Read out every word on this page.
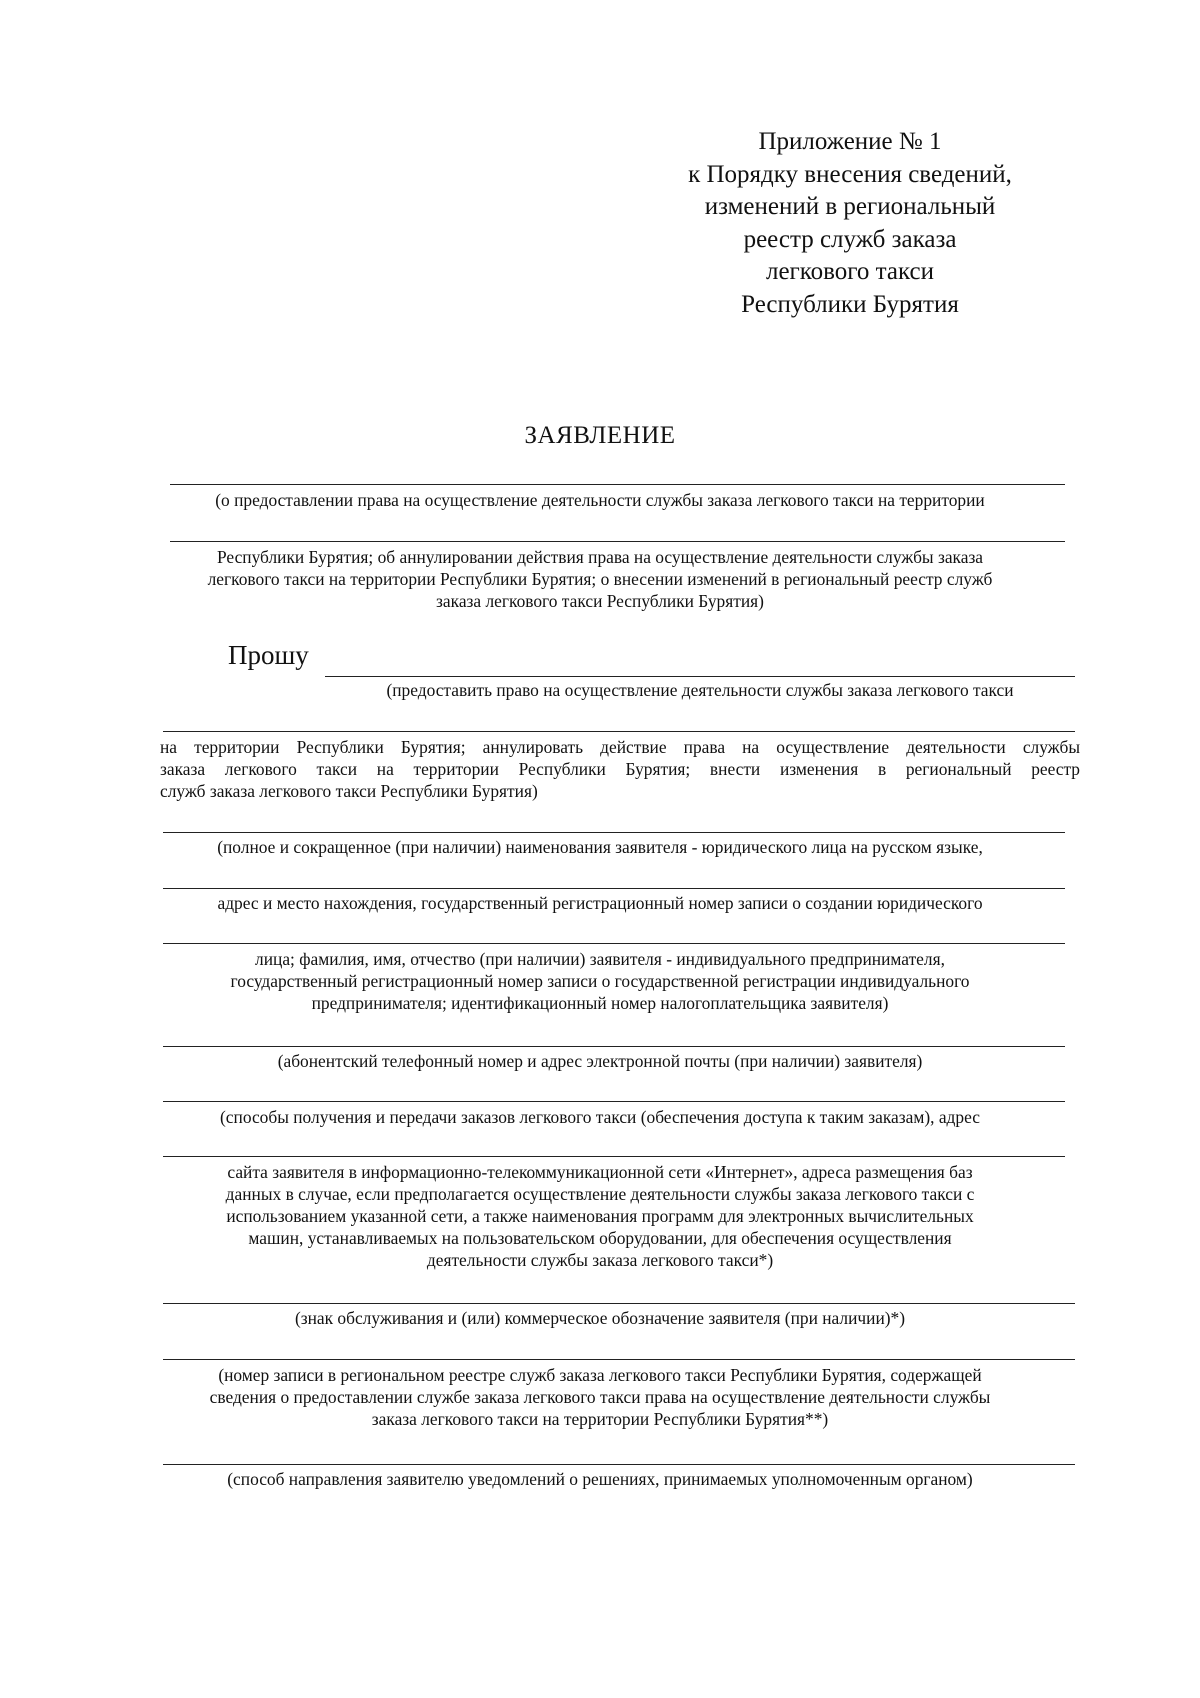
Приложение № 1
к Порядку внесения сведений,
изменений в региональный
реестр служб заказа
легкового такси
Республики Бурятия
ЗАЯВЛЕНИЕ
(о предоставлении права на осуществление деятельности службы заказа легкового такси на территории
Республики Бурятия; об аннулировании действия права на осуществление деятельности службы заказа
легкового такси на территории Республики Бурятия; о внесении изменений в региональный реестр служб
заказа легкового такси Республики Бурятия)
Прошу
(предоставить право на осуществление деятельности службы заказа легкового такси
на территории Республики Бурятия; аннулировать действие права на осуществление деятельности службы
заказа легкового такси на территории Республики Бурятия; внести изменения в региональный реестр
служб заказа легкового такси Республики Бурятия)
(полное и сокращенное (при наличии) наименования заявителя - юридического лица на русском языке,
адрес и место нахождения, государственный регистрационный номер записи о создании юридического
лица; фамилия, имя, отчество (при наличии) заявителя - индивидуального предпринимателя,
государственный регистрационный номер записи о государственной регистрации индивидуального
предпринимателя; идентификационный номер налогоплательщика заявителя)
(абонентский телефонный номер и адрес электронной почты (при наличии) заявителя)
(способы получения и передачи заказов легкового такси (обеспечения доступа к таким заказам), адрес
сайта заявителя в информационно-телекоммуникационной сети «Интернет», адреса размещения баз
данных в случае, если предполагается осуществление деятельности службы заказа легкового такси с
использованием указанной сети, а также наименования программ для электронных вычислительных
машин, устанавливаемых на пользовательском оборудовании, для обеспечения осуществления
деятельности службы заказа легкового такси*)
(знак обслуживания и (или) коммерческое обозначение заявителя (при наличии)*)
(номер записи в региональном реестре служб заказа легкового такси Республики Бурятия, содержащей
сведения о предоставлении службе заказа легкового такси права на осуществление деятельности службы
заказа легкового такси на территории Республики Бурятия**)
(способ направления заявителю уведомлений о решениях, принимаемых уполномоченным органом)
